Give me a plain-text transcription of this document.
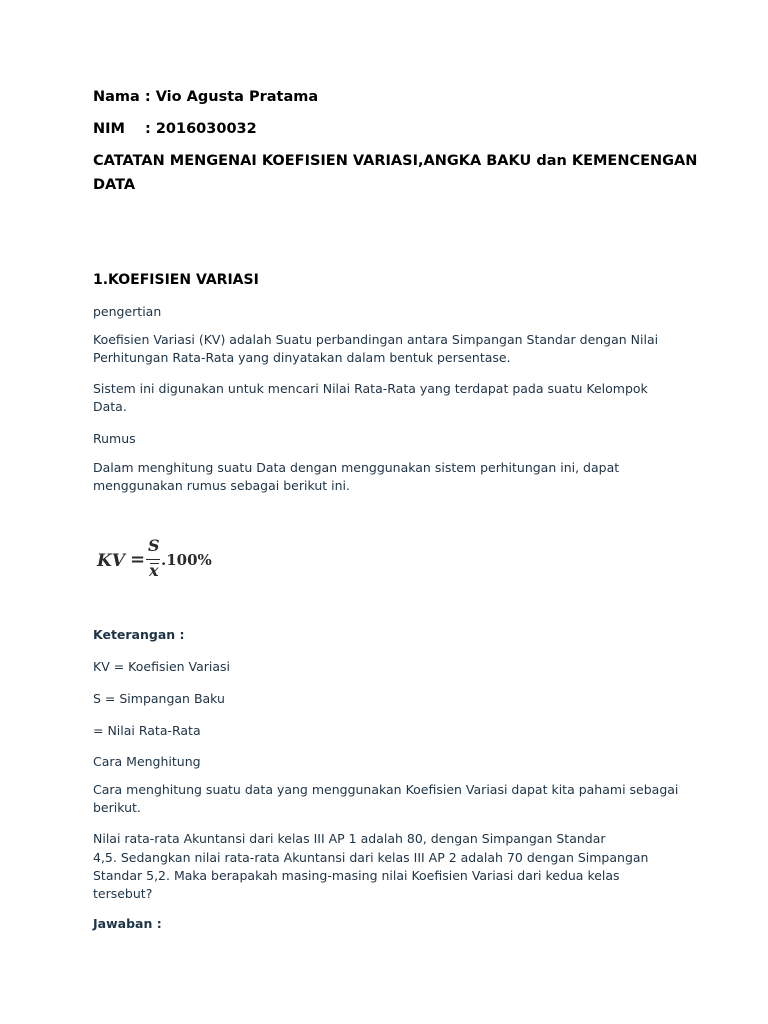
Nama : Vio Agusta Pratama
NIM : 2016030032
CATATAN MENGENAI KOEFISIEN VARIASI,ANGKA BAKU dan KEMENCENGAN
DATA
1.KOEFISIEN VARIASI
pengertian
Koefisien Variasi (KV) adalah Suatu perbandingan antara Simpangan Standar dengan Nilai
Perhitungan Rata-Rata yang dinyatakan dalam bentuk persentase.
Sistem ini digunakan untuk mencari Nilai Rata-Rata yang terdapat pada suatu Kelompok
Data.
Rumus
Dalam menghitung suatu Data dengan menggunakan sistem perhitungan ini, dapat
menggunakan rumus sebagai berikut ini.
KV =
S
x
.100%
Keterangan :
KV = Koefisien Variasi
S = Simpangan Baku
= Nilai Rata-Rata
Cara Menghitung
Cara menghitung suatu data yang menggunakan Koefisien Variasi dapat kita pahami sebagai
berikut.
Nilai rata-rata Akuntansi dari kelas III AP 1 adalah 80, dengan Simpangan Standar
4,5. Sedangkan nilai rata-rata Akuntansi dari kelas III AP 2 adalah 70 dengan Simpangan
Standar 5,2. Maka berapakah masing-masing nilai Koefisien Variasi dari kedua kelas
tersebut?
Jawaban :
